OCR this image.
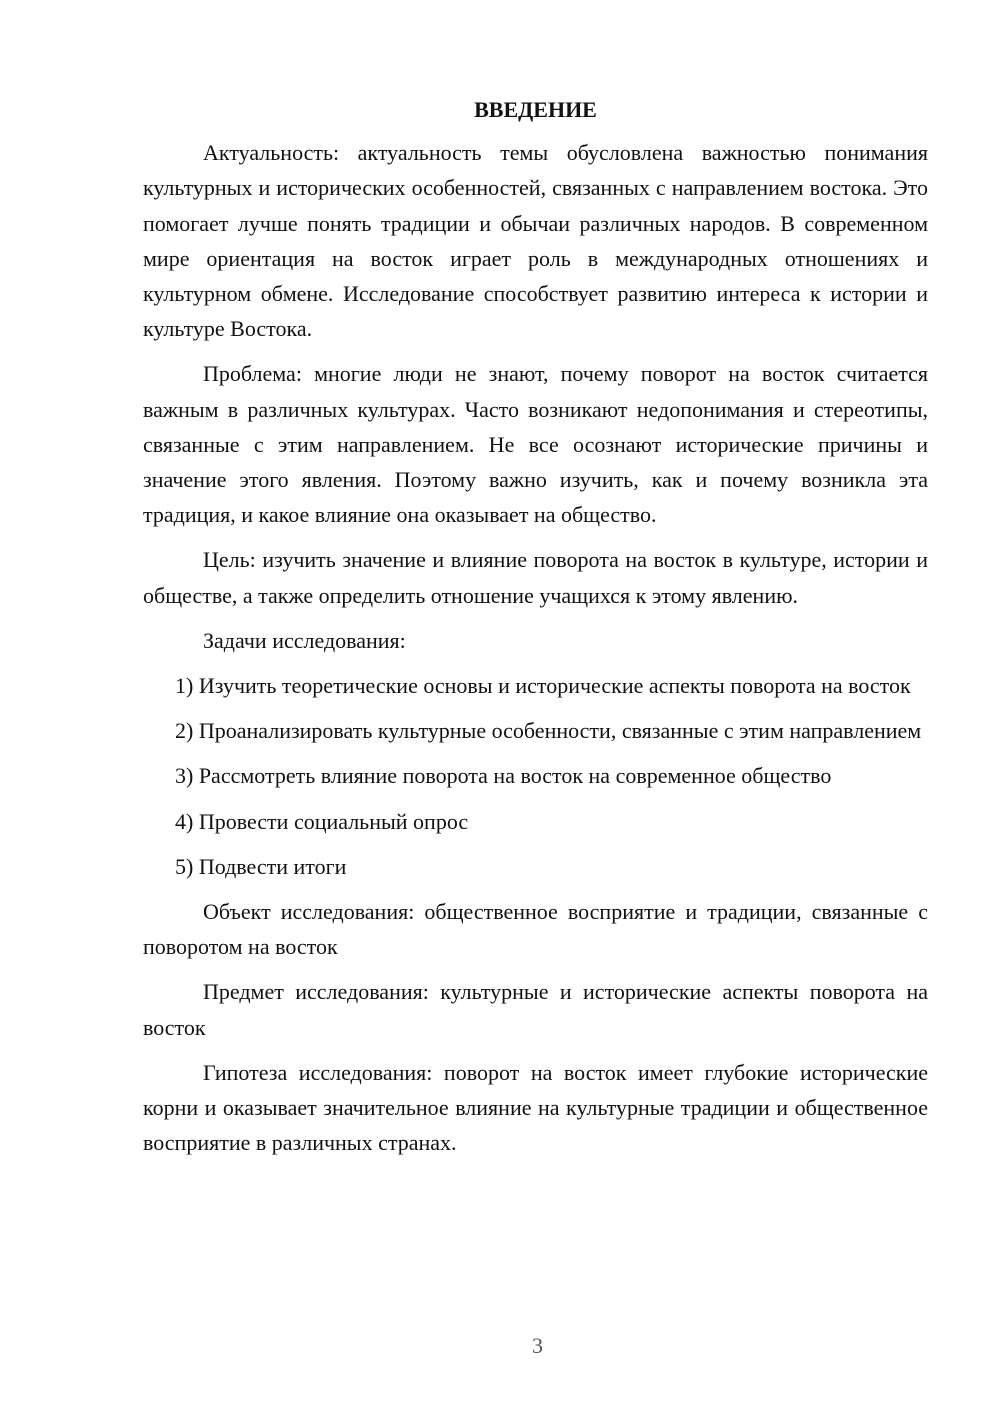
ВВЕДЕНИЕ

Актуальность: актуальность темы обусловлена важностью понимания культурных и исторических особенностей, связанных с направлением востока. Это помогает лучше понять традиции и обычаи различных народов. В современном мире ориентация на восток играет роль в международных отношениях и культурном обмене. Исследование способствует развитию интереса к истории и культуре Востока.

Проблема: многие люди не знают, почему поворот на восток считается важным в различных культурах. Часто возникают недопонимания и стереотипы, связанные с этим направлением. Не все осознают исторические причины и значение этого явления. Поэтому важно изучить, как и почему возникла эта традиция, и какое влияние она оказывает на общество.

Цель: изучить значение и влияние поворота на восток в культуре, истории и обществе, а также определить отношение учащихся к этому явлению.

Задачи исследования:

1) Изучить теоретические основы и исторические аспекты поворота на восток

2) Проанализировать культурные особенности, связанные с этим направлением

3) Рассмотреть влияние поворота на восток на современное общество

4) Провести социальный опрос

5) Подвести итоги

Объект исследования: общественное восприятие и традиции, связанные с поворотом на восток

Предмет исследования: культурные и исторические аспекты поворота на восток

Гипотеза исследования: поворот на восток имеет глубокие исторические корни и оказывает значительное влияние на культурные традиции и общественное восприятие в различных странах.

3
